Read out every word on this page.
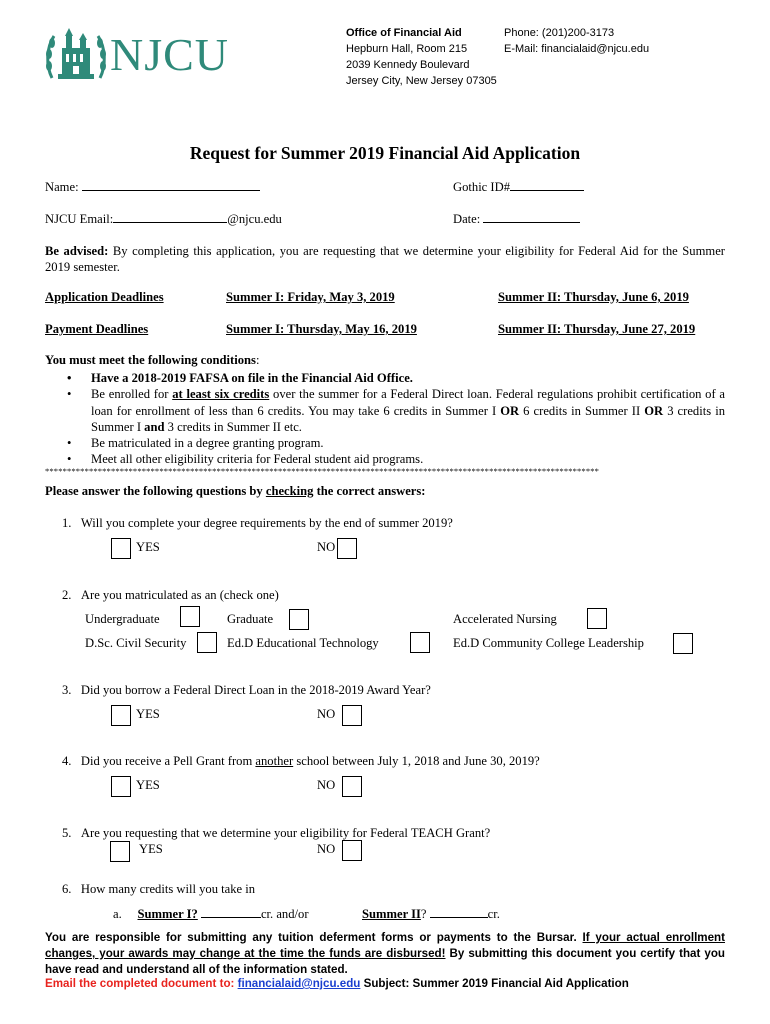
NJCU	Office of Financial Aid
Hepburn Hall, Room 215
2039 Kennedy Boulevard
Jersey City, New Jersey 07305
Phone: (201)200-3173
E-Mail: financialaid@njcu.edu
Request for Summer 2019 Financial Aid Application
Name:	Gothic ID#
NJCU Email:	@njcu.edu	Date:
Be advised: By completing this application, you are requesting that we determine your eligibility for Federal Aid for the Summer 2019 semester.
Application Deadlines	Summer I: Friday, May 3, 2019	Summer II: Thursday, June 6, 2019
Payment Deadlines	Summer I: Thursday, May 16, 2019	Summer II: Thursday, June 27, 2019
You must meet the following conditions:
• Have a 2018-2019 FAFSA on file in the Financial Aid Office.
• Be enrolled for at least six credits over the summer for a Federal Direct loan. Federal regulations prohibit certification of a loan for enrollment of less than 6 credits. You may take 6 credits in Summer I OR 6 credits in Summer II OR 3 credits in Summer I and 3 credits in Summer II etc.
• Be matriculated in a degree granting program.
• Meet all other eligibility criteria for Federal student aid programs.
******************************************************************************************************************************
Please answer the following questions by checking the correct answers:
1. Will you complete your degree requirements by the end of summer 2019?
YES	NO
2. Are you matriculated as an (check one)
Undergraduate	Graduate	Accelerated Nursing
D.Sc. Civil Security	Ed.D Educational Technology	Ed.D Community College Leadership
3. Did you borrow a Federal Direct Loan in the 2018-2019 Award Year?
YES	NO
4. Did you receive a Pell Grant from another school between July 1, 2018 and June 30, 2019?
YES	NO
5. Are you requesting that we determine your eligibility for Federal TEACH Grant?
YES	NO
6. How many credits will you take in
a. Summer I?	cr. and/or	Summer II?	cr.
You are responsible for submitting any tuition deferment forms or payments to the Bursar. If your actual enrollment changes, your awards may change at the time the funds are disbursed! By submitting this document you certify that you have read and understand all of the information stated.
Email the completed document to: financialaid@njcu.edu Subject: Summer 2019 Financial Aid Application
